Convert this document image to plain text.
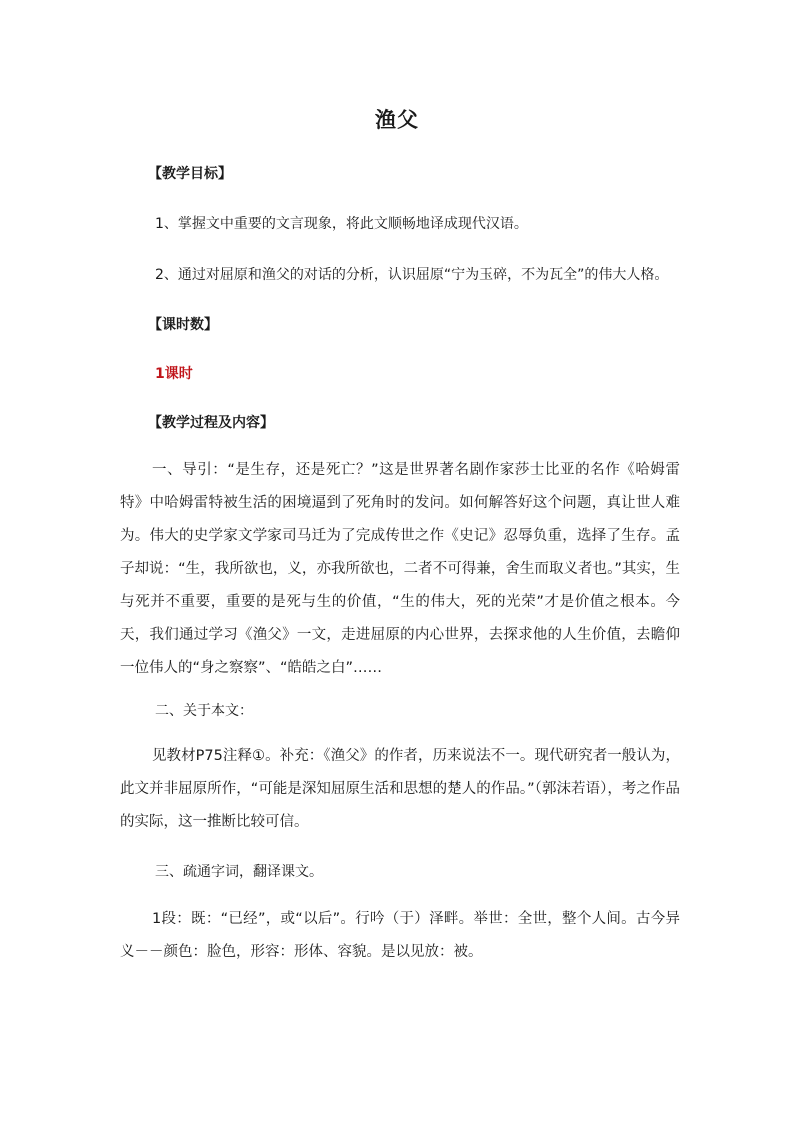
渔父
【教学目标】
1、掌握文中重要的文言现象，将此文顺畅地译成现代汉语。
2、通过对屈原和渔父的对话的分析，认识屈原“宁为玉碎，不为瓦全”的伟大人格。
【课时数】
1课时
【教学过程及内容】

一、导引：“是生存，还是死亡？”这是世界著名剧作家莎士比亚的名作《哈姆雷特》中哈姆雷特被生活的困境逼到了死角时的发问。如何解答好这个问题，真让世人难为。伟大的史学家文学家司马迁为了完成传世之作《史记》忍辱负重，选择了生存。孟子却说：“生，我所欲也，义，亦我所欲也，二者不可得兼，舍生而取义者也。”其实，生与死并不重要，重要的是死与生的价值，“生的伟大，死的光荣”才是价值之根本。今天，我们通过学习《渔父》一文，走进屈原的内心世界，去探求他的人生价值，去瞻仰一位伟人的“身之察察”、“皓皓之白”……

二、关于本文：

见教材P75注释①。补充：《渔父》的作者，历来说法不一。现代研究者一般认为，此文并非屈原所作，“可能是深知屈原生活和思想的楚人的作品。”（郭沫若语），考之作品的实际，这一推断比较可信。

三、疏通字词，翻译课文。

1段：既：“已经”，或“以后”。行吟（于）泽畔。举世：全世，整个人间。古今异义－－颜色：脸色，形容：形体、容貌。是以见放：被。
